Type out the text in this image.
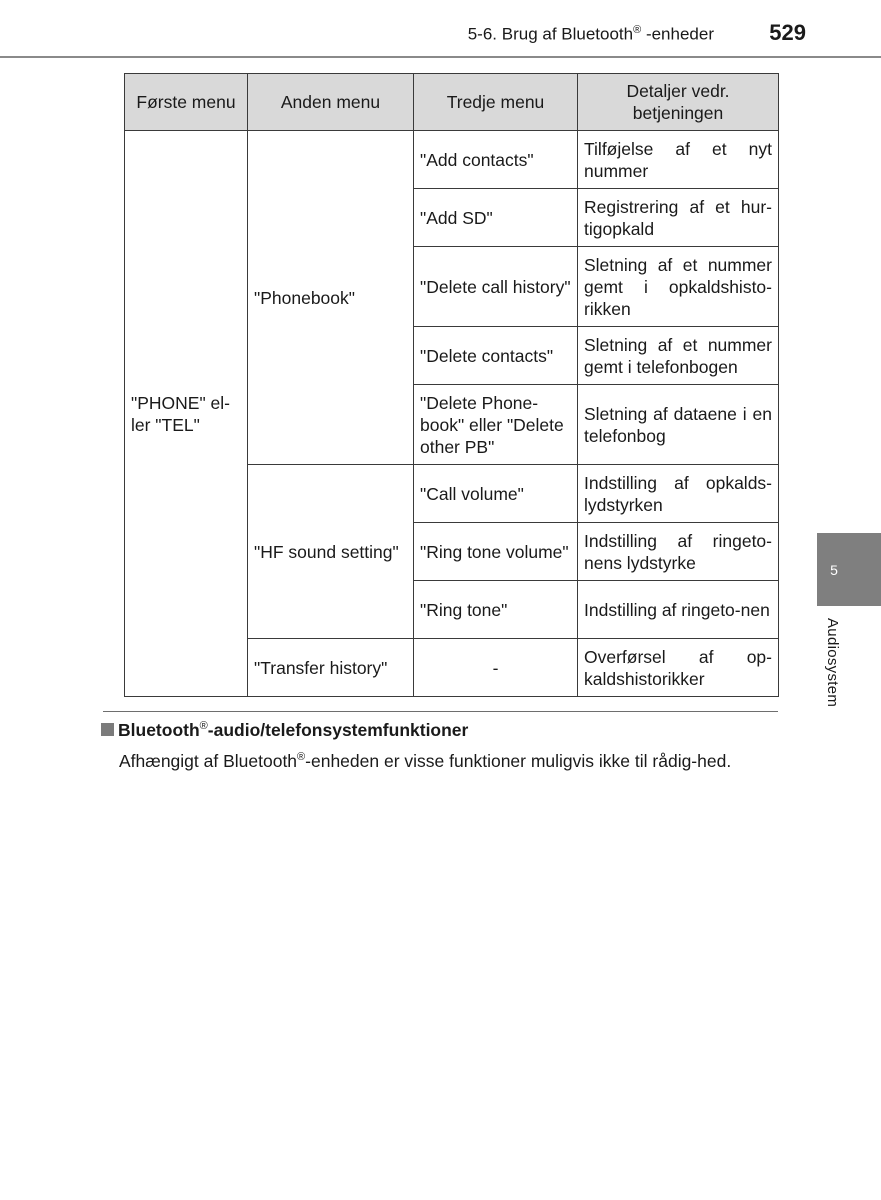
5-6. Brug af Bluetooth® -enheder	529
Første menu	Anden menu	Tredje menu	Detaljer vedr. betjeningen
"PHONE" el-ler "TEL"	"Phonebook"	"Add contacts"	Tilføjelse af et nyt nummer
		"Add SD"	Registrering af et hur-tigopkald
		"Delete call history"	Sletning af et nummer gemt i opkaldshisto-rikken
		"Delete contacts"	Sletning af et nummer gemt i telefonbogen
		"Delete Phone-book" eller "Delete other PB"	Sletning af dataene i en telefonbog
	"HF sound setting"	"Call volume"	Indstilling af opkalds-lydstyrken
		"Ring tone volume"	Indstilling af ringeto-nens lydstyrke
		"Ring tone"	Indstilling af ringeto-nen
	"Transfer history"	-	Overførsel af op-kaldshistorikker
Bluetooth®-audio/telefonsystemfunktioner

Afhængigt af Bluetooth®-enheden er visse funktioner muligvis ikke til rådig-hed.

5
Audiosystem
